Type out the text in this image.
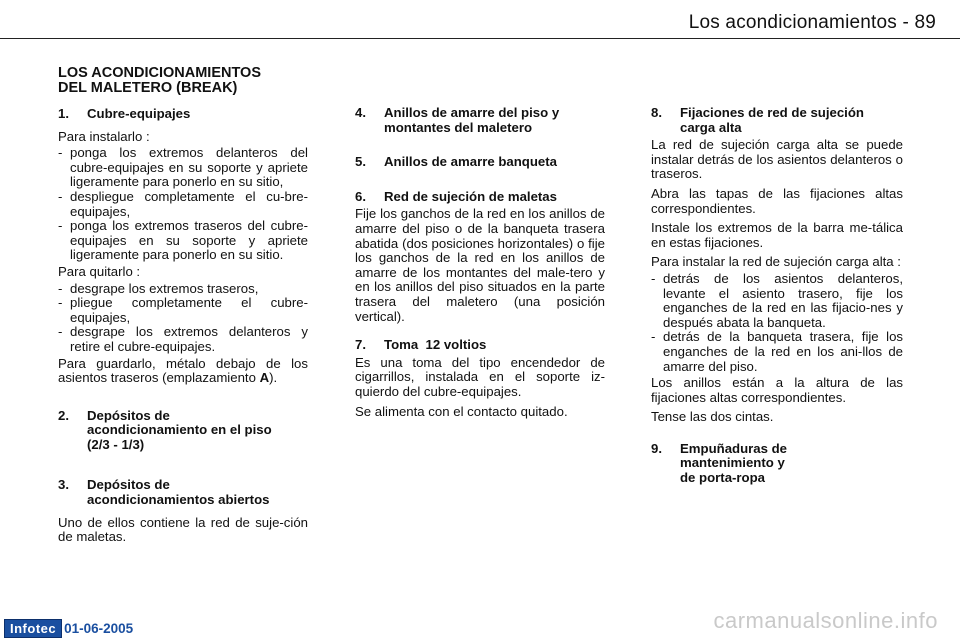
Los acondicionamientos - 89
LOS ACONDICIONAMIENTOS
DEL MALETERO (BREAK)
1.	Cubre-equipajes

Para instalarlo :

- ponga los extremos delanteros del cubre-equipajes en su soporte y apriete ligeramente para ponerlo en su sitio,
- despliegue completamente el cu-bre-equipajes,
- ponga los extremos traseros del cubre-equipajes en su soporte y apriete ligeramente para ponerlo en su sitio.

Para quitarlo :

- desgrape los extremos traseros,
- pliegue completamente el cubre-equipajes,
- desgrape los extremos delanteros y retire el cubre-equipajes.

Para guardarlo, métalo debajo de los asientos traseros (emplazamiento A).

2.	Depósitos de
acondicionamiento en el piso
(2/3 - 1/3)
3.	Depósitos de
acondicionamientos abiertos

Uno de ellos contiene la red de suje-ción de maletas.

4.	Anillos de amarre del piso y
montantes del maletero
5.	Anillos de amarre banqueta
6.	Red de sujeción de maletas

Fije los ganchos de la red en los anillos de amarre del piso o de la banqueta trasera abatida (dos posiciones horizontales) o fije los ganchos de la red en los anillos de amarre de los montantes del male-tero y en los anillos del piso situados en la parte trasera del maletero (una posición vertical).

7.	Toma  12 voltios

Es una toma del tipo encendedor de cigarrillos, instalada en el soporte iz-quierdo del cubre-equipajes.

Se alimenta con el contacto quitado.

8.	Fijaciones de red de sujeción
carga alta

La red de sujeción carga alta se puede instalar detrás de los asientos delanteros o traseros.

Abra las tapas de las fijaciones altas correspondientes.

Instale los extremos de la barra me-tálica en estas fijaciones.

Para instalar la red de sujeción carga alta :

- detrás de los asientos delanteros, levante el asiento trasero, fije los enganches de la red en las fijacio-nes y después abata la banqueta.
- detrás de la banqueta trasera, fije los enganches de la red en los ani-llos de amarre del piso.

Los anillos están a la altura de las fijaciones altas correspondientes.

Tense las dos cintas.

9.	Empuñaduras de
mantenimiento y
de porta-ropa
Infotec 01-06-2005	carmanualsonline.info
